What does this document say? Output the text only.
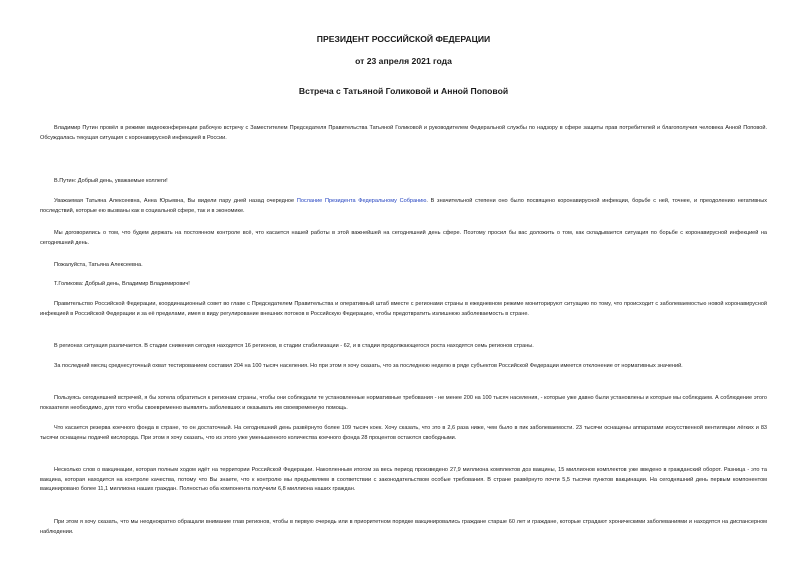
ПРЕЗИДЕНТ РОССИЙСКОЙ ФЕДЕРАЦИИ
от 23 апреля 2021 года
Встреча с Татьяной Голиковой и Анной Поповой

Владимир Путин провёл в режиме видеоконференции рабочую встречу с Заместителем Председателя Правительства Татьяной Голиковой и руководителем Федеральной службы по надзору в сфере защиты прав потребителей и благополучия человека Анной Поповой. Обсуждалась текущая ситуация с коронавирусной инфекцией в России.

В.Путин: Добрый день, уважаемые коллеги!

Уважаемая Татьяна Алексеевна, Анна Юрьевна, Вы видели пару дней назад очередное Послание Президента Федеральному Собранию. В значительной степени оно было посвящено коронавирусной инфекции, борьбе с ней, точнее, и преодолению негативных последствий, которые ею вызваны как в социальной сфере, так и в экономике.

Мы договорились о том, что будем держать на постоянном контроле всё, что касается нашей работы в этой важнейшей на сегодняшний день сфере. Поэтому просил бы вас доложить о том, как складывается ситуация по борьбе с коронавирусной инфекцией на сегодняшний день.

Пожалуйста, Татьяна Алексеевна.

Т.Голикова: Добрый день, Владимир Владимирович!

Правительство Российской Федерации, координационный совет во главе с Председателем Правительства и оперативный штаб вместе с регионами страны в ежедневном режиме мониторируют ситуацию по тому, что происходит с заболеваемостью новой коронавирусной инфекцией в Российской Федерации и за её пределами, имея в виду регулирование внешних потоков в Российскую Федерацию, чтобы предотвратить излишнюю заболеваемость в стране.

В регионах ситуация различается. В стадии снижения сегодня находятся 16 регионов, в стадии стабилизации - 62, и в стадии продолжающегося роста находятся семь регионов страны.

За последний месяц среднесуточный охват тестированием составил 204 на 100 тысяч населения. Но при этом я хочу сказать, что за последнюю неделю в ряде субъектов Российской Федерации имеется отклонение от нормативных значений.

Пользуясь сегодняшней встречей, я бы хотела обратиться к регионам страны, чтобы они соблюдали те установленные нормативные требования - не менее 200 на 100 тысяч населения, - которые уже давно были установлены и которые мы соблюдаем. А соблюдение этого показателя необходимо, для того чтобы своевременно выявлять заболевших и оказывать им своевременную помощь.

Что касается резерва коечного фонда в стране, то он достаточный. На сегодняшний день развёрнуто более 109 тысяч коек. Хочу сказать, что это в 2,6 раза ниже, чем было в пик заболеваемости. 23 тысячи оснащены аппаратами искусственной вентиляции лёгких и 83 тысячи оснащены подачей кислорода. При этом я хочу сказать, что из этого уже уменьшенного количества коечного фонда 28 процентов остаются свободными.

Несколько слов о вакцинации, которая полным ходом идёт на территории Российской Федерации. Накопленным итогом за весь период произведено 27,9 миллиона комплектов доз вакцины, 15 миллионов комплектов уже введено в гражданский оборот. Разница - это та вакцина, которая находится на контроле качества, потому что Вы знаете, что к контролю мы предъявляем в соответствии с законодательством особые требования. В стране развёрнуто почти 5,5 тысячи пунктов вакцинации. На сегодняшний день первым компонентом вакцинировано более 11,1 миллиона наших граждан. Полностью оба компонента получили 6,8 миллиона наших граждан.

При этом я хочу сказать, что мы неоднократно обращали внимание глав регионов, чтобы в первую очередь или в приоритетном порядке вакцинировались граждане старше 60 лет и граждане, которые страдают хроническими заболеваниями и находятся на диспансерном наблюдении.
